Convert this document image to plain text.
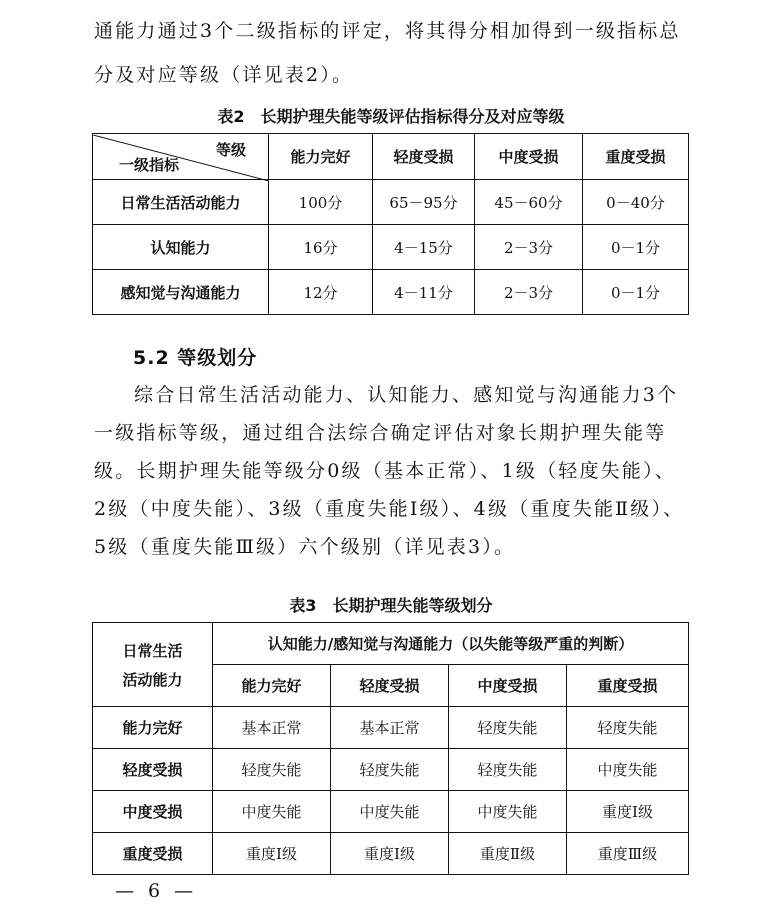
通能力通过3个二级指标的评定，将其得分相加得到一级指标总

分及对应等级（详见表2）。

表2　长期护理失能等级评估指标得分及对应等级
等级
一级指标	能力完好	轻度受损	中度受损	重度受损
日常生活活动能力	100分	65－95分	45－60分	0－40分
认知能力	16分	4－15分	2－3分	0－1分
感知觉与沟通能力	12分	4－11分	2－3分	0－1分
5.2 等级划分

综合日常生活活动能力、认知能力、感知觉与沟通能力3个一级指标等级，通过组合法综合确定评估对象长期护理失能等级。长期护理失能等级分0级（基本正常）、1级（轻度失能）、2级（中度失能）、3级（重度失能Ⅰ级）、4级（重度失能Ⅱ级）、5级（重度失能Ⅲ级）六个级别（详见表3）。

表3　长期护理失能等级划分
日常生活
活动能力	认知能力/感知觉与沟通能力（以失能等级严重的判断）			
	能力完好	轻度受损	中度受损	重度受损
能力完好	基本正常	基本正常	轻度失能	轻度失能
轻度受损	轻度失能	轻度失能	轻度失能	中度失能
中度受损	中度失能	中度失能	中度失能	重度Ⅰ级
重度受损	重度Ⅰ级	重度Ⅰ级	重度Ⅱ级	重度Ⅲ级
— 6 —
